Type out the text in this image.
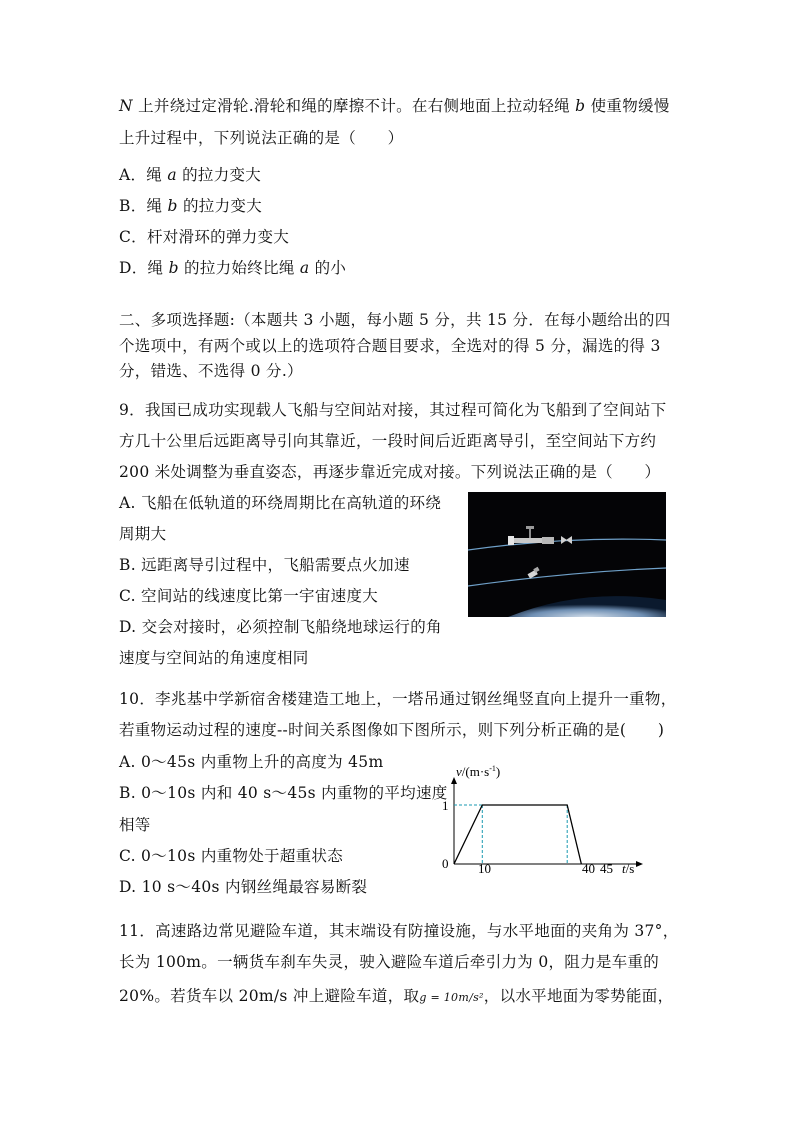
N 上并绕过定滑轮.滑轮和绳的摩擦不计。在右侧地面上拉动轻绳 b 使重物缓慢
上升过程中，下列说法正确的是（　　）
A．绳 a 的拉力变大
B．绳 b 的拉力变大
C．杆对滑环的弹力变大
D．绳 b 的拉力始终比绳 a 的小
二、多项选择题:（本题共 3 小题，每小题 5 分，共 15 分．在每小题给出的四
个选项中，有两个或以上的选项符合题目要求，全选对的得 5 分，漏选的得 3
分，错选、不选得 0 分.）
9．我国已成功实现载人飞船与空间站对接，其过程可简化为飞船到了空间站下
方几十公里后远距离导引向其靠近，一段时间后近距离导引，至空间站下方约
200 米处调整为垂直姿态，再逐步靠近完成对接。下列说法正确的是（　　）
A. 飞船在低轨道的环绕周期比在高轨道的环绕
周期大
B. 远距离导引过程中，飞船需要点火加速
C. 空间站的线速度比第一宇宙速度大
D. 交会对接时，必须控制飞船绕地球运行的角
速度与空间站的角速度相同
10．李兆基中学新宿舍楼建造工地上，一塔吊通过钢丝绳竖直向上提升一重物，
若重物运动过程的速度--时间关系图像如下图所示，则下列分析正确的是(　　)
A. 0～45s 内重物上升的高度为 45m
B. 0～10s 内和 40 s～45s 内重物的平均速度
相等
C. 0～10s 内重物处于超重状态
D. 10 s～40s 内钢丝绳最容易断裂
$v/(m\cdot s^{-1})$
1
0 10	40 45 t/s
11．高速路边常见避险车道，其末端设有防撞设施，与水平地面的夹角为 37°，
长为 100m。一辆货车刹车失灵，驶入避险车道后牵引力为 0，阻力是车重的
20%。若货车以 20m/s 冲上避险车道，取g = 10m/s²，以水平地面为零势能面，
